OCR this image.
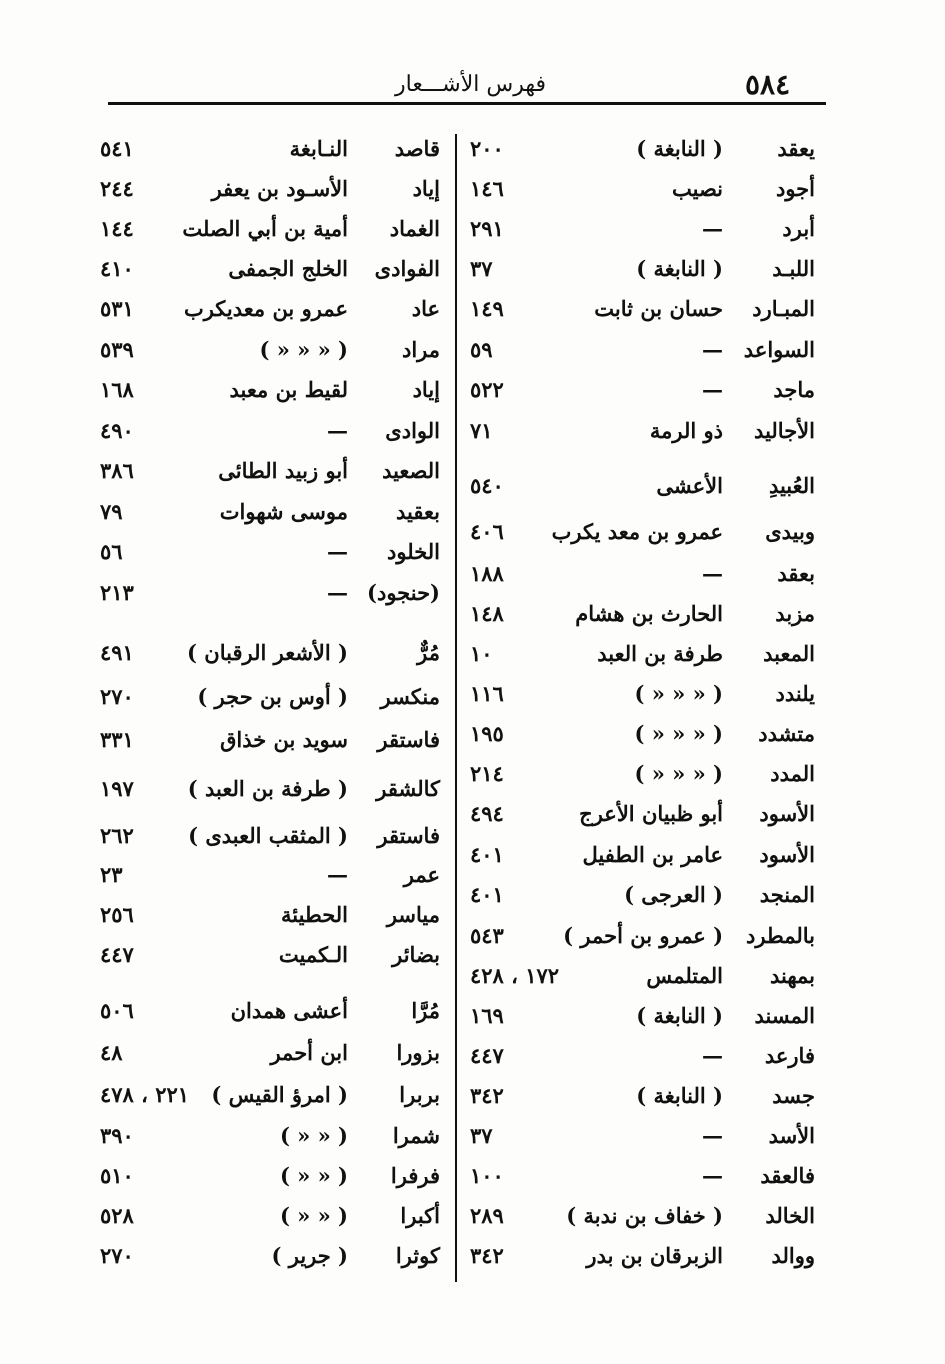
٥٨٤
فهرس الأشـــعار
يعقد
( النابغة )
٢٠٠
أجود
نصيب
١٤٦
أبرد
—
٢٩١
اللبـد
( النابغة )
٣٧
المبـارد
حسان بن ثابت
١٤٩
السواعد
—
٥٩
ماجد
—
٥٢٢
الأجاليد
ذو الرمة
٧١
العُبيدِ
الأعشى
٥٤٠
وبيدى
عمرو بن معد يكرب
٤٠٦
بعقد
—
١٨٨
مزبد
الحارث بن هشام
١٤٨
المعبد
طرفة بن العبد
١٠
يلندد
( « « « )
١١٦
متشدد
( « « « )
١٩٥
المدد
( « « « )
٢١٤
الأسود
أبو ظبيان الأعرج
٤٩٤
الأسود
عامر بن الطفيل
٤٠١
المنجد
( العرجى )
٤٠١
بالمطرد
( عمرو بن أحمر )
٥٤٣
بمهند
المتلمس
١٧٢ ، ٤٢٨
المسند
( النابغة )
١٦٩
فارعد
—
٤٤٧
جسد
( النابغة )
٣٤٢
الأسد
—
٣٧
فالعقد
—
١٠٠
الخالد
( خفاف بن ندبة )
٢٨٩
ووالد
الزبرقان بن بدر
٣٤٢
قاصد
النـابغة
٥٤١
إياد
الأسـود بن يعفر
٢٤٤
الغماد
أمية بن أبي الصلت
١٤٤
الفوادى
الخلج الجمفى
٤١٠
عاد
عمرو بن معديكرب
٥٣١
مراد
( « « « )
٥٣٩
إياد
لقيط بن معبد
١٦٨
الوادى
—
٤٩٠
الصعيد
أبو زبيد الطائى
٣٨٦
بعقيد
موسى شهوات
٧٩
الخلود
—
٥٦
(حنجود)
—
٢١٣
مُرٌّ
( الأشعر الرقبان )
٤٩١
منكسر
( أوس بن حجر )
٢٧٠
فاستقر
سويد بن خذاق
٣٣١
كالشقر
( طرفة بن العبد )
١٩٧
فاستقر
( المثقب العبدى )
٢٦٢
عمر
—
٢٣
مياسر
الحطيئة
٢٥٦
بضائر
الـكميت
٤٤٧
مُرَّا
أعشى همدان
٥٠٦
بزورا
ابن أحمر
٤٨
بربرا
( امرؤ القيس )
٢٢١ ، ٤٧٨
شمرا
( « « )
٣٩٠
فرفرا
( « « )
٥١٠
أكبرا
( « « )
٥٢٨
كوثرا
( جرير )
٢٧٠
